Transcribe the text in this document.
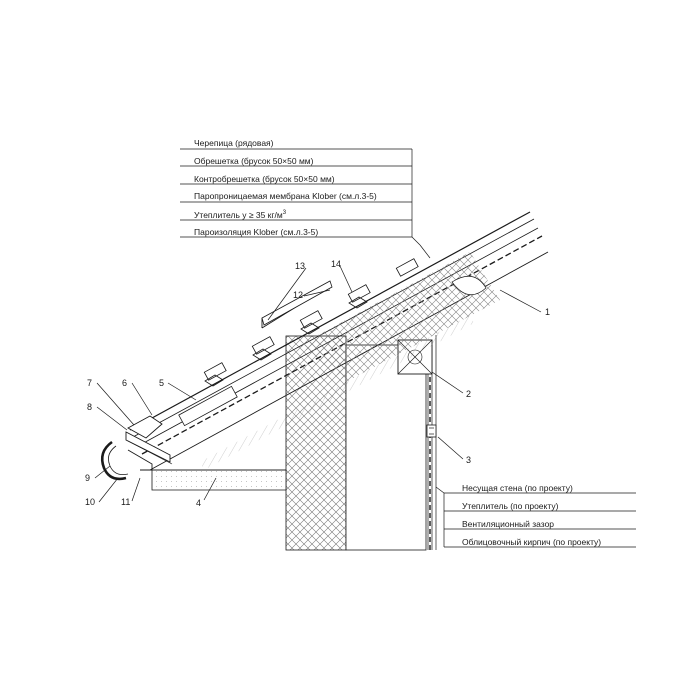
Черепица (рядовая)
Обрешетка (брусок 50×50 мм)
Контробрешетка (брусок 50×50 мм)
Паропроницаемая мембрана Klober (см.л.3-5)
Утеплитель y ≥ 35 $кг/м^3$
Пароизоляция Klober (см.л.3-5)
Несущая стена (по проекту)
Утеплитель (по проекту)
Вентиляционный зазор
Облицовочный кирпич (по проекту)
1
2
3
4
5
6
7
8
9
10	11
12
13	14
